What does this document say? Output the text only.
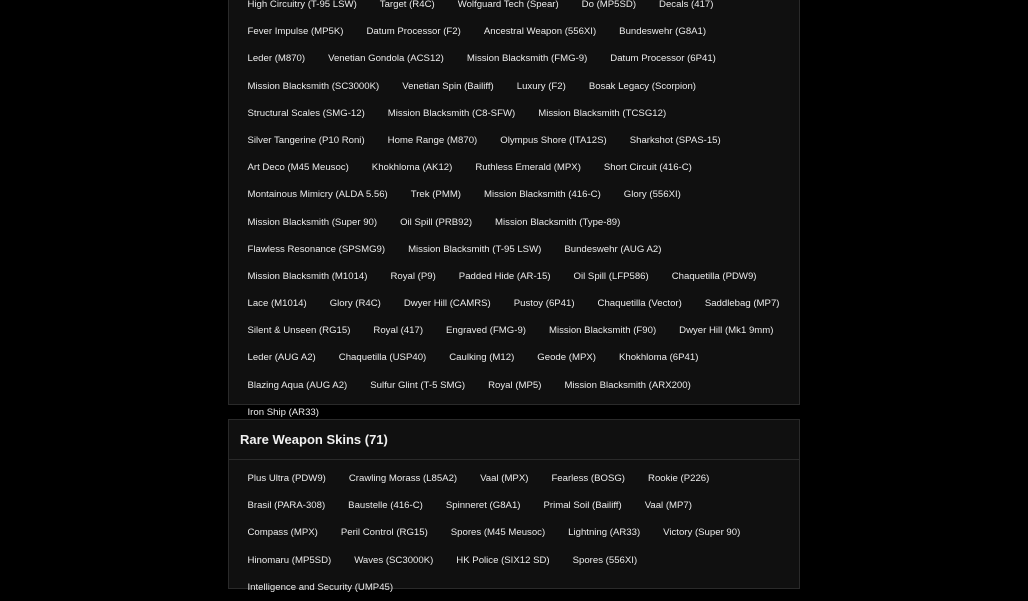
High Circuitry (T-95 LSW)	Target (R4C)	Wolfguard Tech (Spear)	Do (MP5SD)	Decals (417)
Fever Impulse (MP5K)	Datum Processor (F2)	Ancestral Weapon (556XI)	Bundeswehr (G8A1)
Leder (M870)	Venetian Gondola (ACS12)	Mission Blacksmith (FMG-9)	Datum Processor (6P41)
Mission Blacksmith (SC3000K)	Venetian Spin (Bailiff)	Luxury (F2)	Bosak Legacy (Scorpion)
Structural Scales (SMG-12)	Mission Blacksmith (C8-SFW)	Mission Blacksmith (TCSG12)
Silver Tangerine (P10 Roni)	Home Range (M870)	Olympus Shore (ITA12S)	Sharkshot (SPAS-15)
Art Deco (M45 Meusoc)	Khokhloma (AK12)	Ruthless Emerald (MPX)	Short Circuit (416-C)
Montainous Mimicry (ALDA 5.56)	Trek (PMM)	Mission Blacksmith (416-C)	Glory (556XI)
Mission Blacksmith (Super 90)	Oil Spill (PRB92)	Mission Blacksmith (Type-89)
Flawless Resonance (SPSMG9)	Mission Blacksmith (T-95 LSW)	Bundeswehr (AUG A2)
Mission Blacksmith (M1014)	Royal (P9)	Padded Hide (AR-15)	Oil Spill (LFP586)	Chaquetilla (PDW9)
Lace (M1014)	Glory (R4C)	Dwyer Hill (CAMRS)	Pustoy (6P41)	Chaquetilla (Vector)	Saddlebag (MP7)
Silent & Unseen (RG15)	Royal (417)	Engraved (FMG-9)	Mission Blacksmith (F90)	Dwyer Hill (Mk1 9mm)
Leder (AUG A2)	Chaquetilla (USP40)	Caulking (M12)	Geode (MPX)	Khokhloma (6P41)
Blazing Aqua (AUG A2)	Sulfur Glint (T-5 SMG)	Royal (MP5)	Mission Blacksmith (ARX200)
Iron Ship (AR33)
Rare Weapon Skins (71)
Plus Ultra (PDW9)	Crawling Morass (L85A2)	Vaal (MPX)	Fearless (BOSG)	Rookie (P226)
Brasil (PARA-308)	Baustelle (416-C)	Spinneret (G8A1)	Primal Soil (Bailiff)	Vaal (MP7)
Compass (MPX)	Peril Control (RG15)	Spores (M45 Meusoc)	Lightning (AR33)	Victory (Super 90)
Hinomaru (MP5SD)	Waves (SC3000K)	HK Police (SIX12 SD)	Spores (556XI)
Intelligence and Security (UMP45)
